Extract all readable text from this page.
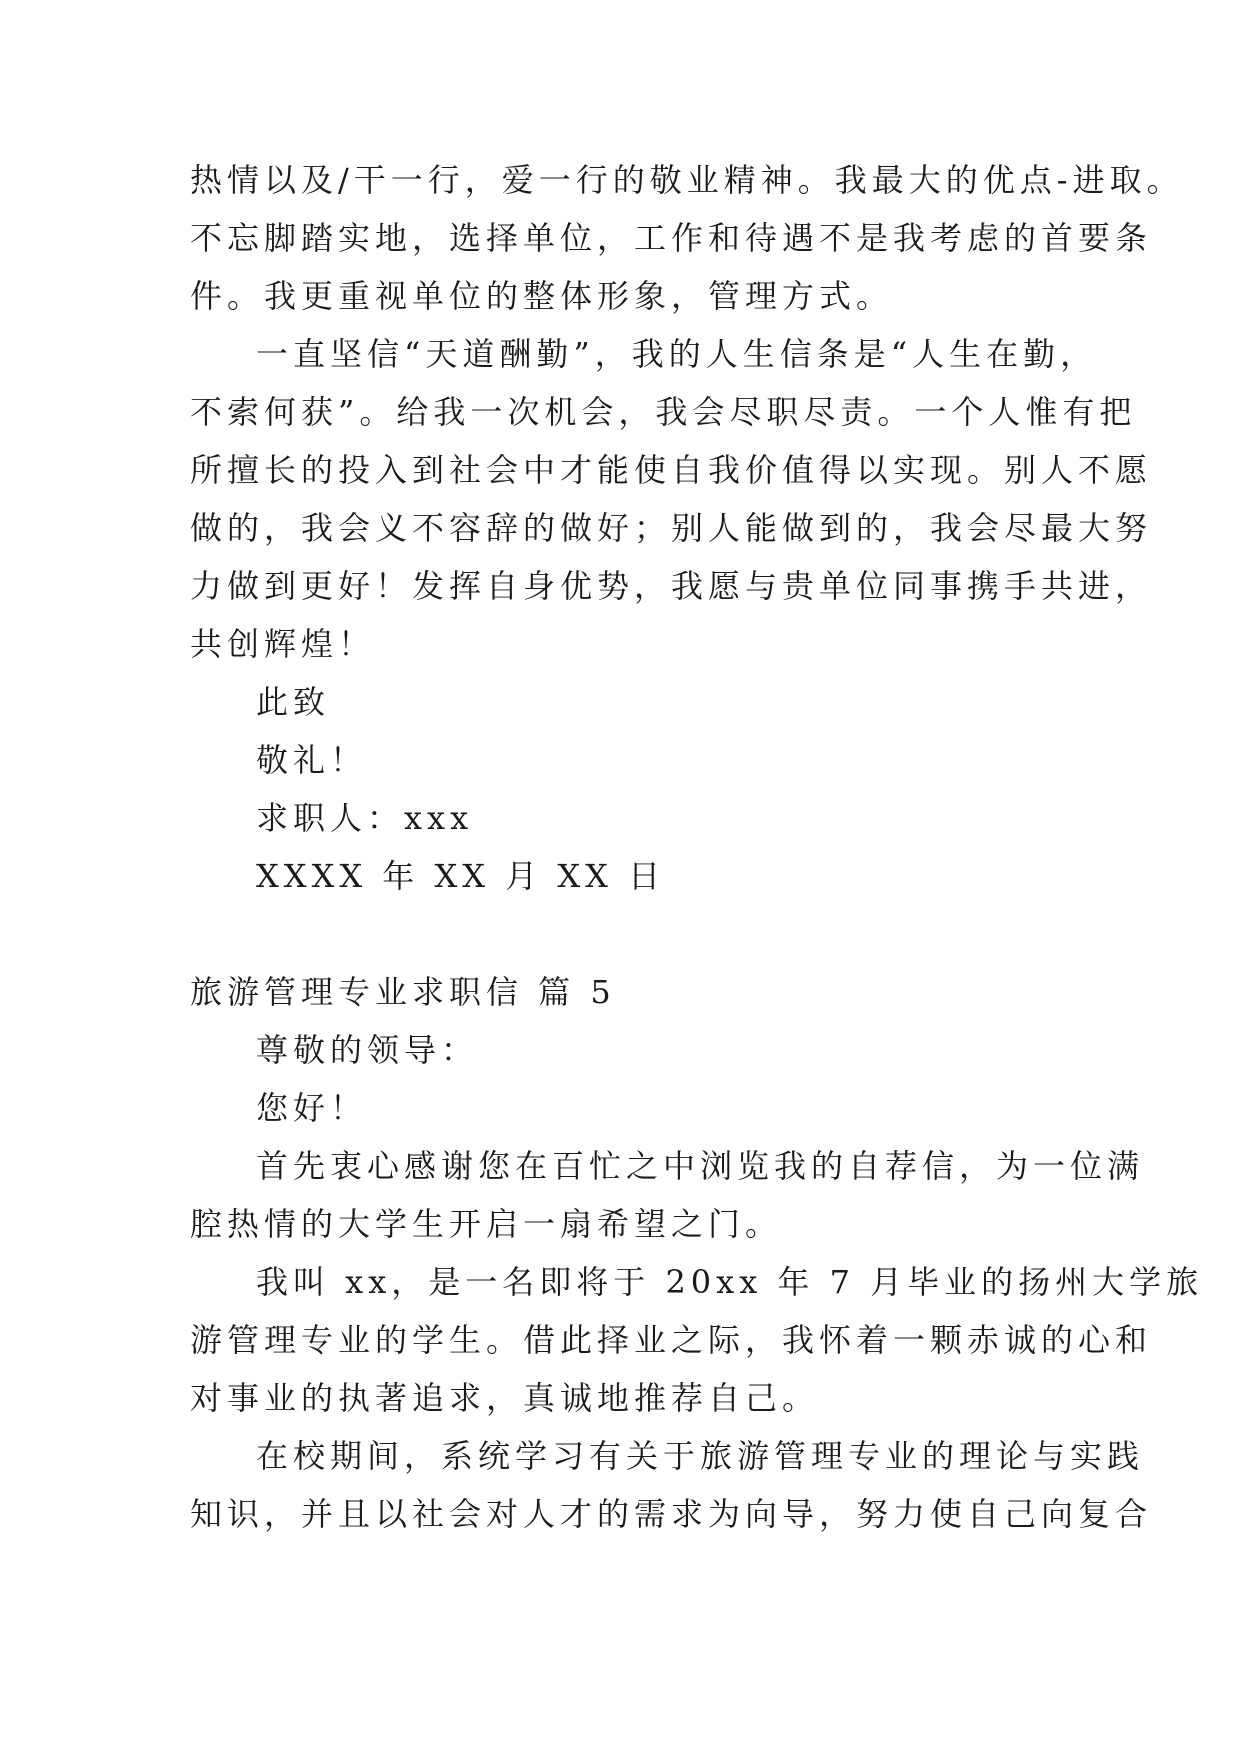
热情以及/干一行，爱一行的敬业精神。我最大的优点-进取。
不忘脚踏实地，选择单位，工作和待遇不是我考虑的首要条
件。我更重视单位的整体形象，管理方式。
一直坚信“天道酬勤”，我的人生信条是“人生在勤，
不索何获”。给我一次机会，我会尽职尽责。一个人惟有把
所擅长的投入到社会中才能使自我价值得以实现。别人不愿
做的，我会义不容辞的做好；别人能做到的，我会尽最大努
力做到更好！发挥自身优势，我愿与贵单位同事携手共进，
共创辉煌！
此致
敬礼！
求职人：xxx
XXXX 年 XX 月 XX 日
旅游管理专业求职信 篇 5
尊敬的领导：
您好！
首先衷心感谢您在百忙之中浏览我的自荐信，为一位满
腔热情的大学生开启一扇希望之门。
我叫 xx，是一名即将于 20xx 年 7 月毕业的扬州大学旅
游管理专业的学生。借此择业之际，我怀着一颗赤诚的心和
对事业的执著追求，真诚地推荐自己。
在校期间，系统学习有关于旅游管理专业的理论与实践
知识，并且以社会对人才的需求为向导，努力使自己向复合
